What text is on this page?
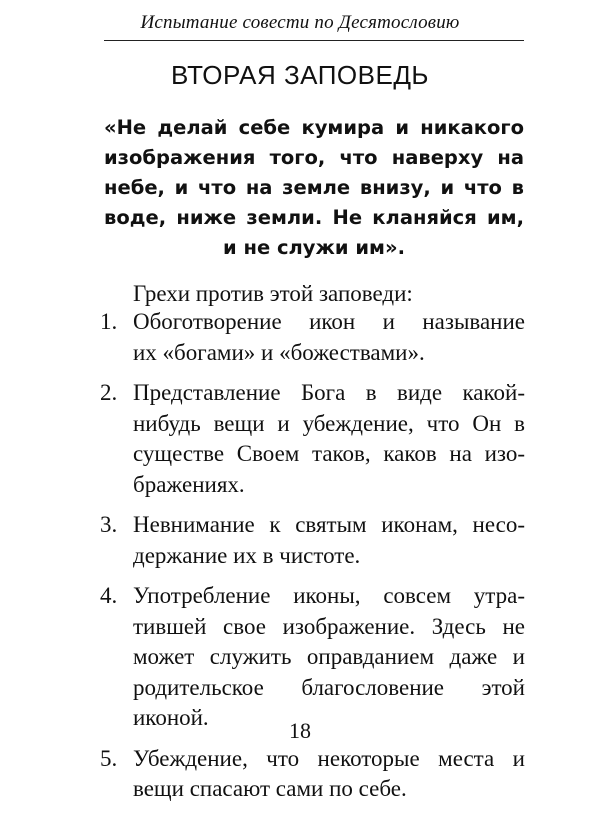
Испытание совести по Десятословию
ВТОРАЯ ЗАПОВЕДЬ
«Не делай себе кумира и никакого
изображения того, что наверху на
небе, и что на земле внизу, и что в
воде, ниже земли. Не кланяйся им,
и не служи им».
Грехи против этой заповеди:
1. Обоготворение икон и называние
их «богами» и «божествами».
2. Представление Бога в виде какой-
нибудь вещи и убеждение, что Он в
существе Своем таков, каков на изо-
бражениях.
3. Невнимание к святым иконам, несо-
держание их в чистоте.
4. Употребление иконы, совсем утра-
тившей свое изображение. Здесь не
может служить оправданием даже и
родительское благословение этой
иконой.
5. Убеждение, что некоторые места и
вещи спасают сами по себе.
18
